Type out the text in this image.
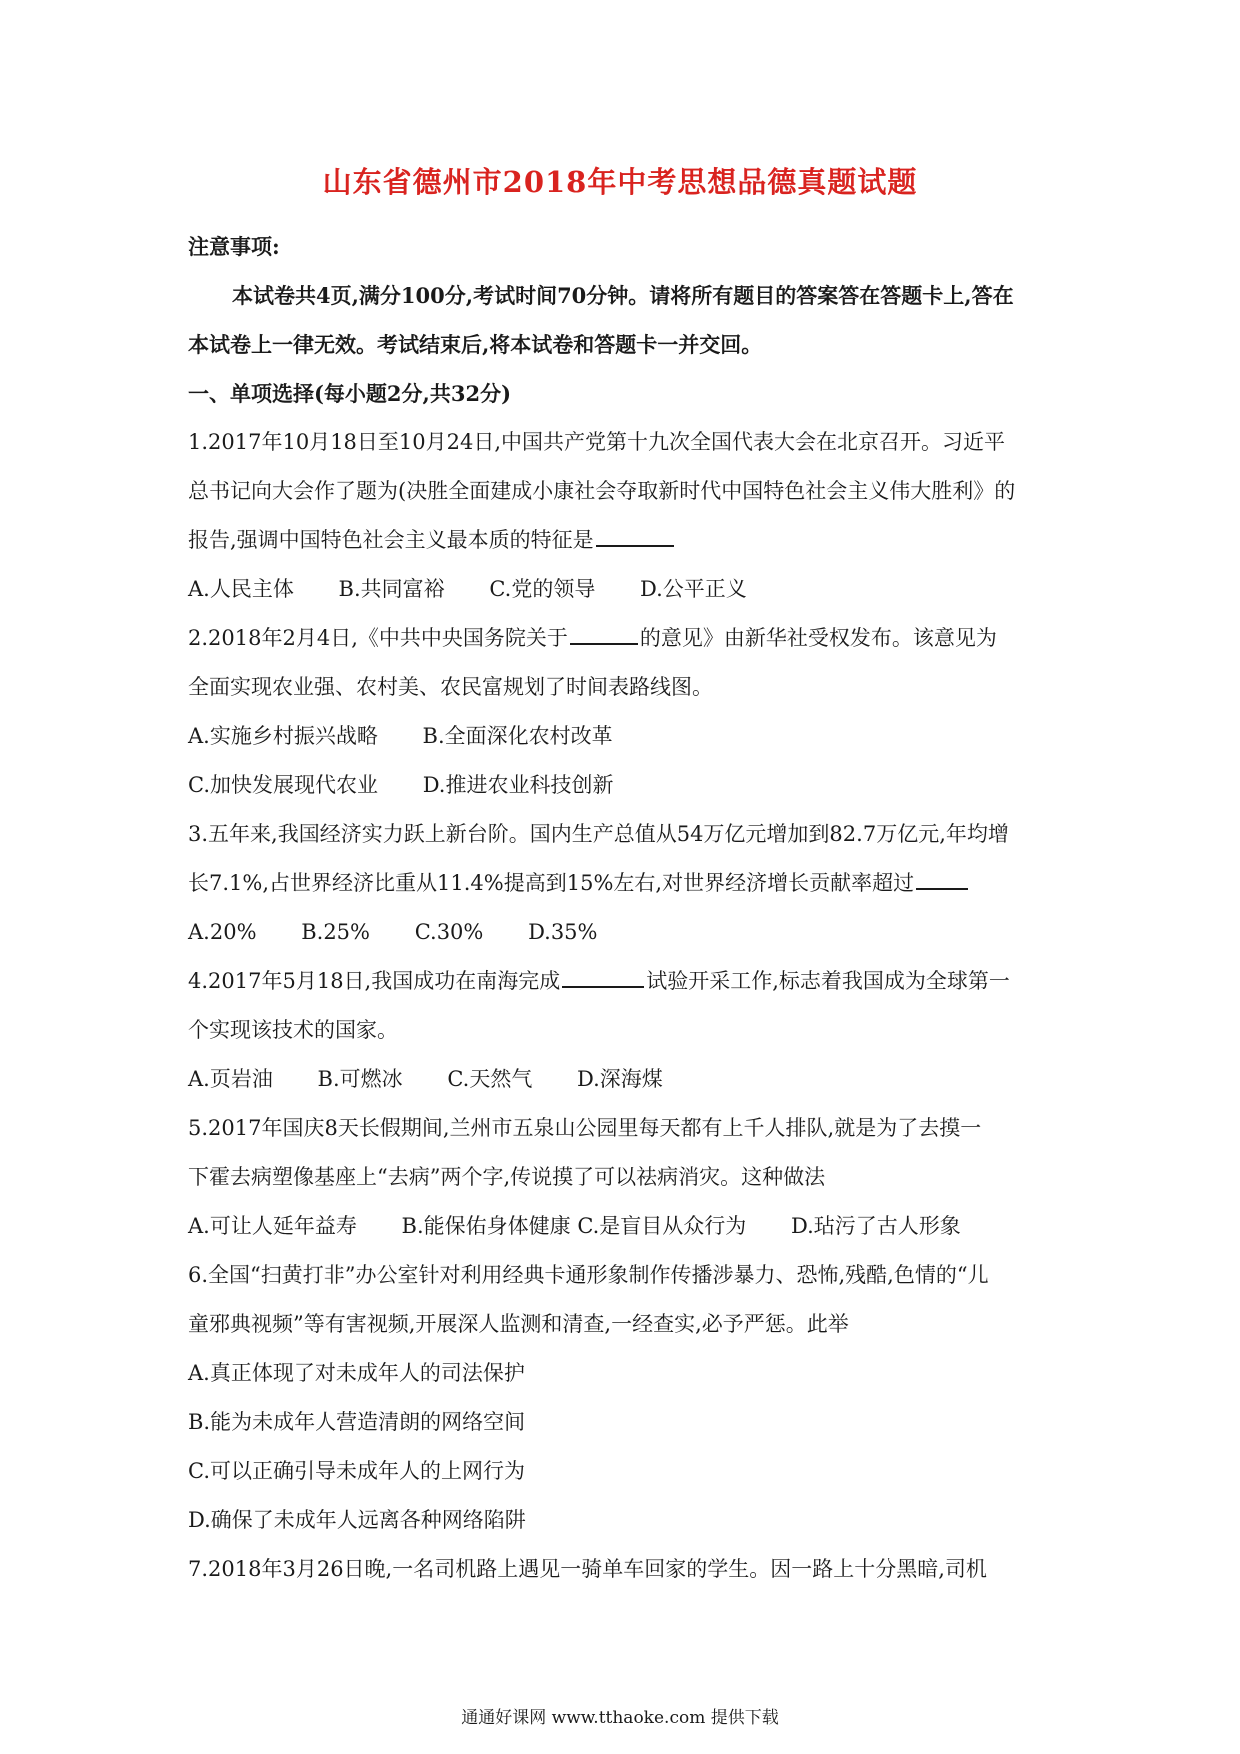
山东省德州市2018年中考思想品德真题试题
注意事项:
本试卷共4页,满分100分,考试时间70分钟。请将所有题目的答案答在答题卡上,答在
本试卷上一律无效。考试结束后,将本试卷和答题卡一并交回。
一、单项选择(每小题2分,共32分)
1.2017年10月18日至10月24日,中国共产党第十九次全国代表大会在北京召开。习近平
总书记向大会作了题为(决胜全面建成小康社会夺取新时代中国特色社会主义伟大胜利》的
报告,强调中国特色社会主义最本质的特征是
A.人民主体 B.共同富裕 C.党的领导 D.公平正义
2.2018年2月4日,《中共中央国务院关于	的意见》由新华社受权发布。该意见为
全面实现农业强、农村美、农民富规划了时间表路线图。
A.实施乡村振兴战略 B.全面深化农村改革
C.加快发展现代农业 D.推进农业科技创新
3.五年来,我国经济实力跃上新台阶。国内生产总值从54万亿元增加到82.7万亿元,年均增
长7.1%,占世界经济比重从11.4%提高到15%左右,对世界经济增长贡献率超过
A.20% B.25% C.30% D.35%
4.2017年5月18日,我国成功在南海完成	试验开采工作,标志着我国成为全球第一
个实现该技术的国家。
A.页岩油 B.可燃冰 C.天然气 D.深海煤
5.2017年国庆8天长假期间,兰州市五泉山公园里每天都有上千人排队,就是为了去摸一
下霍去病塑像基座上“去病”两个字,传说摸了可以祛病消灾。这种做法
A.可让人延年益寿 B.能保佑身体健康 C.是盲目从众行为 D.玷污了古人形象
6.全国“扫黄打非”办公室针对利用经典卡通形象制作传播涉暴力、恐怖,残酷,色情的“儿
童邪典视频”等有害视频,开展深人监测和清查,一经查实,必予严惩。此举
A.真正体现了对未成年人的司法保护
B.能为未成年人营造清朗的网络空间
C.可以正确引导未成年人的上网行为
D.确保了未成年人远离各种网络陷阱
7.2018年3月26日晚,一名司机路上遇见一骑单车回家的学生。因一路上十分黑暗,司机
通通好课网 www.tthaoke.com 提供下载
